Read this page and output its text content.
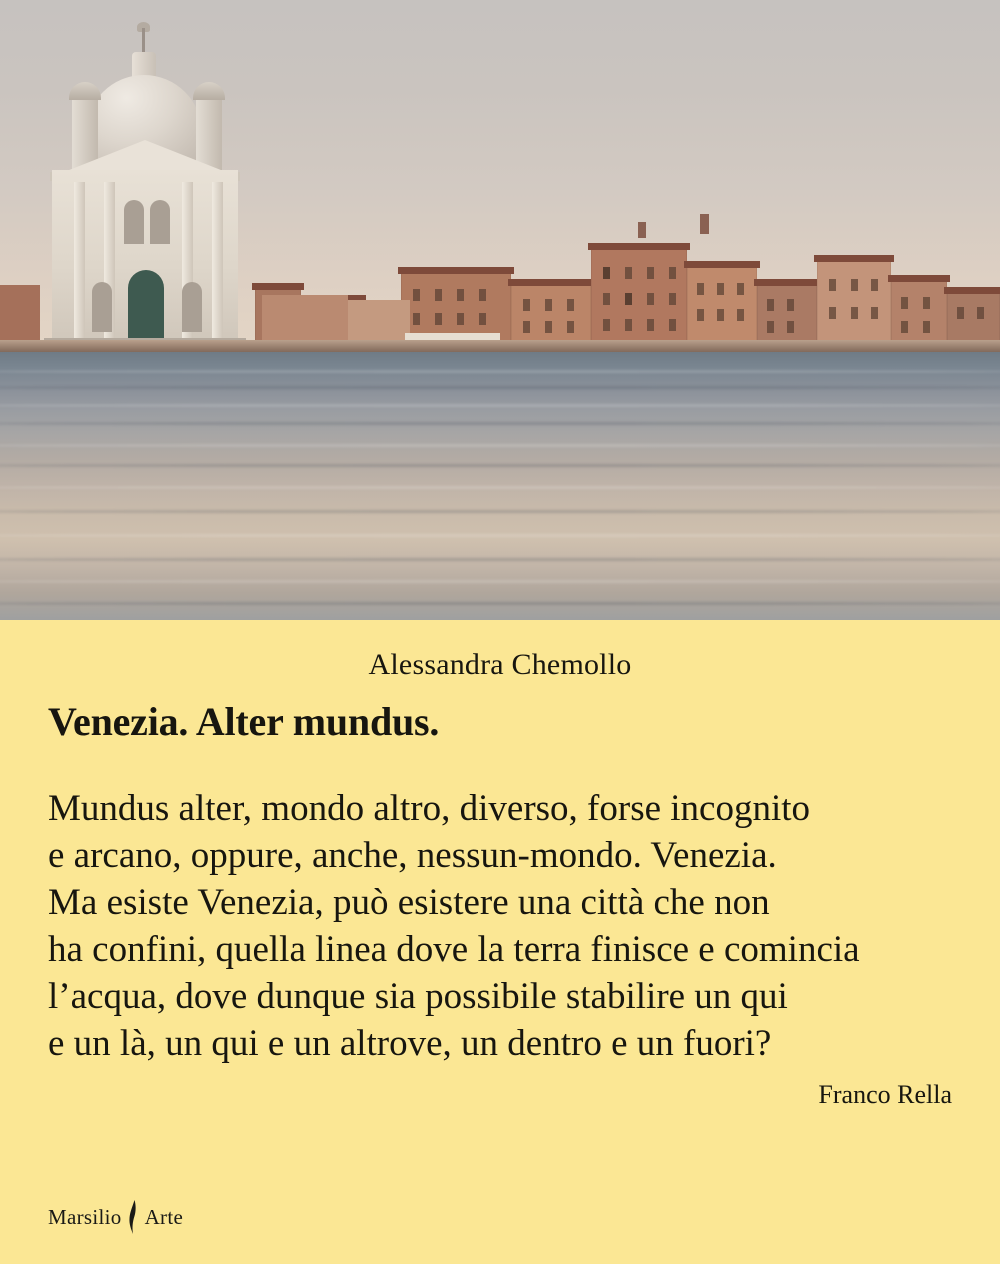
Alessandra Chemollo
Venezia. Alter mundus.
Mundus alter, mondo altro, diverso, forse incognito
e arcano, oppure, anche, nessun-mondo. Venezia.
Ma esiste Venezia, può esistere una città che non
ha confini, quella linea dove la terra finisce e comincia
l’acqua, dove dunque sia possibile stabilire un qui
e un là, un qui e un altrove, un dentro e un fuori?
Franco Rella
Marsilio Arte
